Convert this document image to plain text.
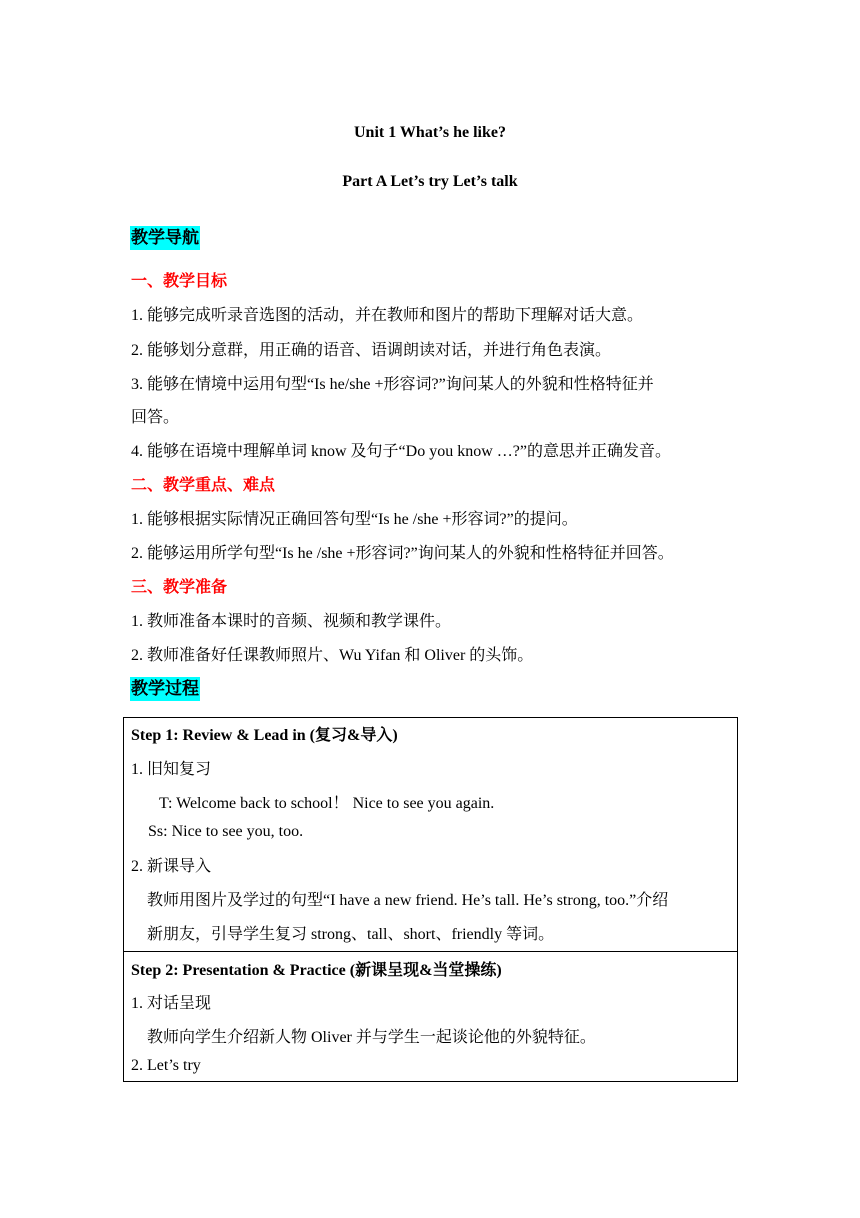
Unit 1 What’s he like?
Part A Let’s try Let’s talk
教学导航
一、教学目标
1. 能够完成听录音选图的活动，并在教师和图片的帮助下理解对话大意。
2. 能够划分意群，用正确的语音、语调朗读对话，并进行角色表演。
3. 能够在情境中运用句型“Is he/she +形容词?”询问某人的外貌和性格特征并
回答。
4. 能够在语境中理解单词 know 及句子“Do you know …?”的意思并正确发音。
二、教学重点、难点
1. 能够根据实际情况正确回答句型“Is he /she +形容词?”的提问。
2. 能够运用所学句型“Is he /she +形容词?”询问某人的外貌和性格特征并回答。
三、教学准备
1. 教师准备本课时的音频、视频和教学课件。
2. 教师准备好任课教师照片、Wu Yifan 和 Oliver 的头饰。
教学过程
Step 1: Review & Lead in (复习&导入)
1. 旧知复习
T: Welcome back to school！ Nice to see you again.
Ss: Nice to see you, too.
2. 新课导入
教师用图片及学过的句型“I have a new friend. He’s tall. He’s strong, too.”介绍
新朋友，引导学生复习 strong、tall、short、friendly 等词。
Step 2: Presentation & Practice (新课呈现&当堂操练)
1. 对话呈现
教师向学生介绍新人物 Oliver 并与学生一起谈论他的外貌特征。
2. Let’s try
